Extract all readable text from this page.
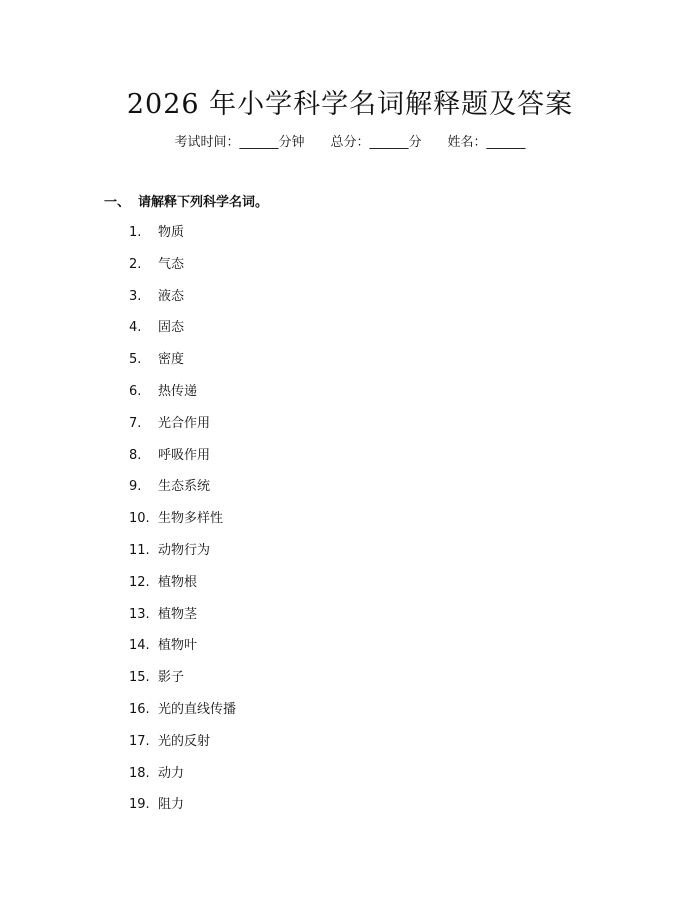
2026 年小学科学名词解释题及答案
考试时间：______分钟 总分：______分 姓名：______
一、 请解释下列科学名词。
1. 物质
2. 气态
3. 液态
4. 固态
5. 密度
6. 热传递
7. 光合作用
8. 呼吸作用
9. 生态系统
10. 生物多样性
11. 动物行为
12. 植物根
13. 植物茎
14. 植物叶
15. 影子
16. 光的直线传播
17. 光的反射
18. 动力
19. 阻力
